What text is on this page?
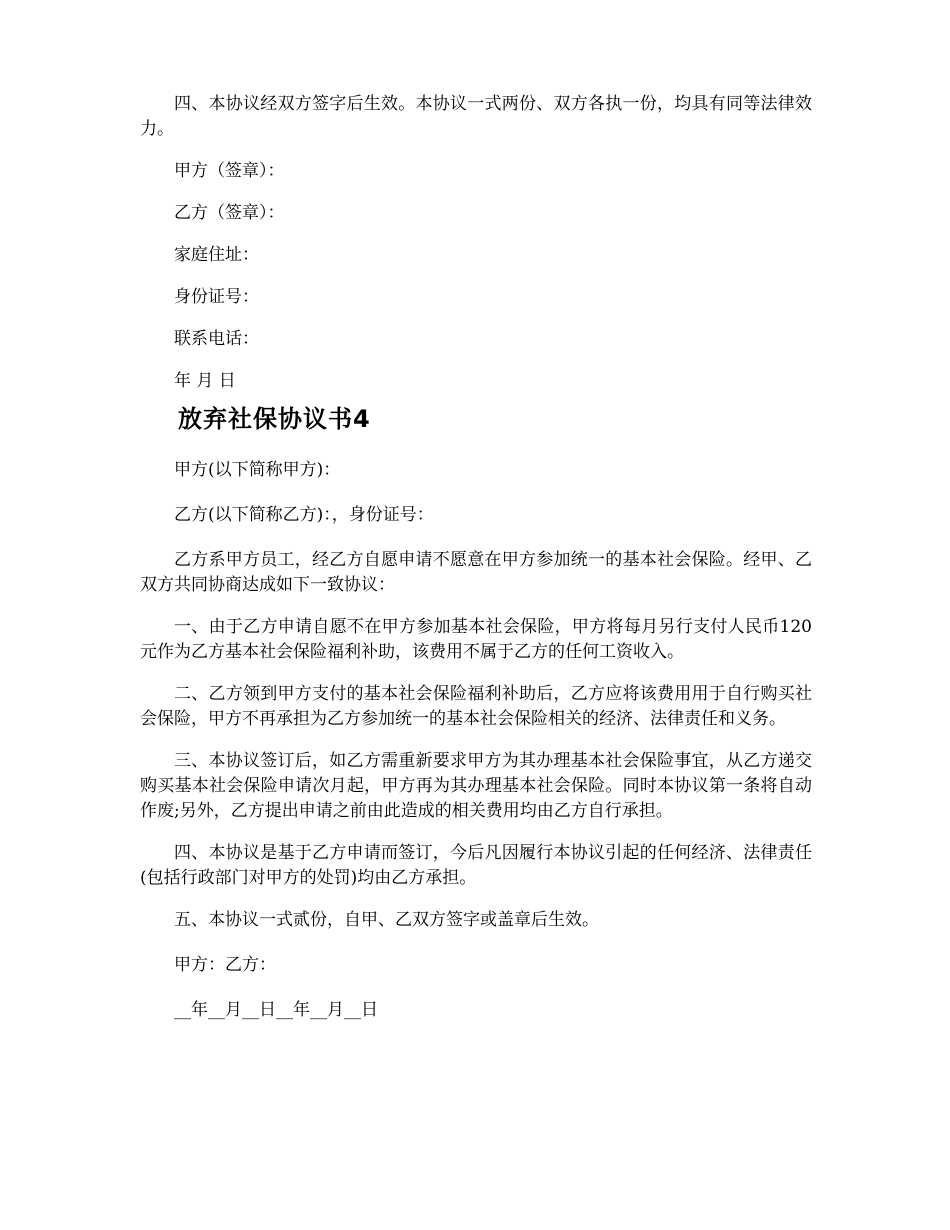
四、本协议经双方签字后生效。本协议一式两份、双方各执一份，均具有同等法律效力。

甲方（签章）：

乙方（签章）：

家庭住址：

身份证号：

联系电话：

年 月 日

放弃社保协议书4

甲方(以下简称甲方)：

乙方(以下简称乙方)：，身份证号：

乙方系甲方员工，经乙方自愿申请不愿意在甲方参加统一的基本社会保险。经甲、乙双方共同协商达成如下一致协议：

一、由于乙方申请自愿不在甲方参加基本社会保险，甲方将每月另行支付人民币120元作为乙方基本社会保险福利补助，该费用不属于乙方的任何工资收入。

二、乙方领到甲方支付的基本社会保险福利补助后，乙方应将该费用用于自行购买社会保险，甲方不再承担为乙方参加统一的基本社会保险相关的经济、法律责任和义务。

三、本协议签订后，如乙方需重新要求甲方为其办理基本社会保险事宜，从乙方递交购买基本社会保险申请次月起，甲方再为其办理基本社会保险。同时本协议第一条将自动作废;另外，乙方提出申请之前由此造成的相关费用均由乙方自行承担。

四、本协议是基于乙方申请而签订，今后凡因履行本协议引起的任何经济、法律责任(包括行政部门对甲方的处罚)均由乙方承担。

五、本协议一式贰份，自甲、乙双方签字或盖章后生效。

甲方：乙方：

__年__月__日__年__月__日
